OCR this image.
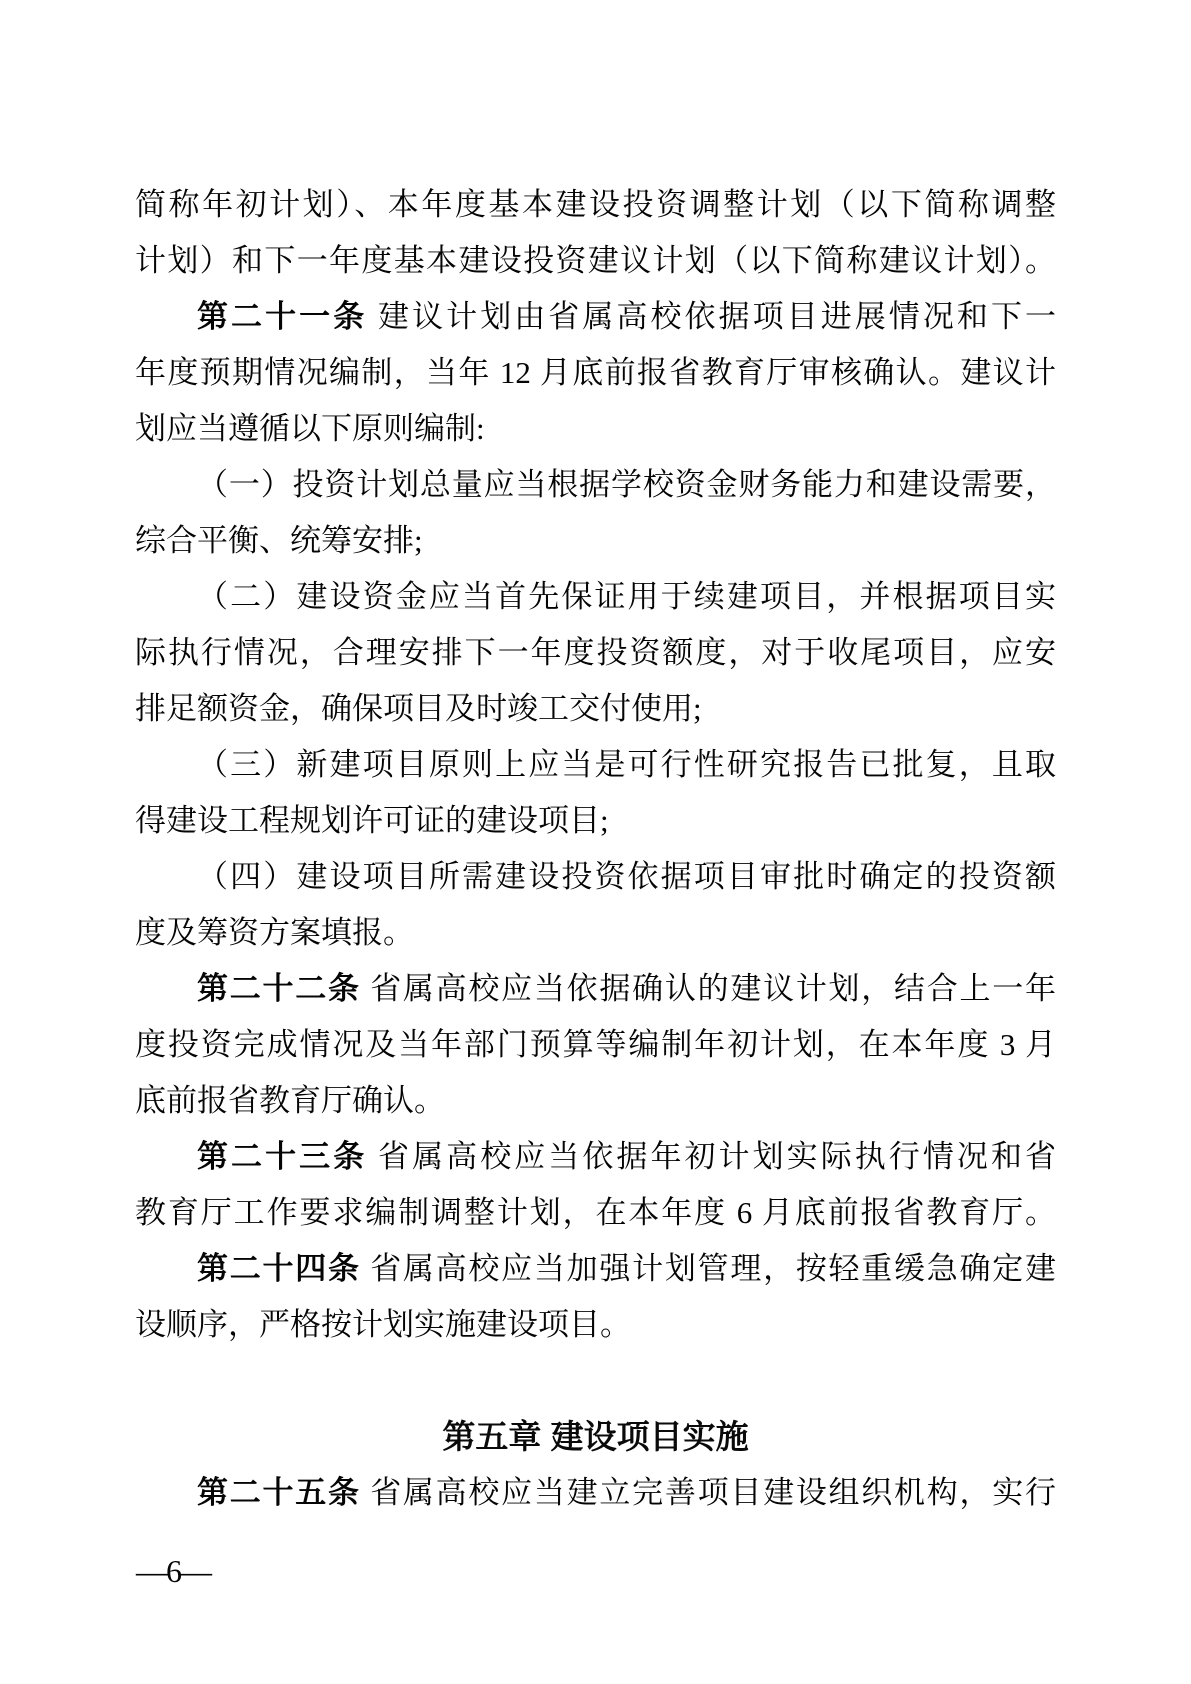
简称年初计划）、本年度基本建设投资调整计划（以下简称调整
计划）和下一年度基本建设投资建议计划（以下简称建议计划）。
第二十一条 建议计划由省属高校依据项目进展情况和下一
年度预期情况编制，当年 12 月底前报省教育厅审核确认。建议计
划应当遵循以下原则编制:
（一）投资计划总量应当根据学校资金财务能力和建设需要，
综合平衡、统筹安排;
（二）建设资金应当首先保证用于续建项目，并根据项目实
际执行情况，合理安排下一年度投资额度，对于收尾项目，应安
排足额资金，确保项目及时竣工交付使用;
（三）新建项目原则上应当是可行性研究报告已批复，且取
得建设工程规划许可证的建设项目;
（四）建设项目所需建设投资依据项目审批时确定的投资额
度及筹资方案填报。
第二十二条 省属高校应当依据确认的建议计划，结合上一年
度投资完成情况及当年部门预算等编制年初计划，在本年度 3 月
底前报省教育厅确认。
第二十三条 省属高校应当依据年初计划实际执行情况和省
教育厅工作要求编制调整计划，在本年度 6 月底前报省教育厅。
第二十四条 省属高校应当加强计划管理，按轻重缓急确定建
设顺序，严格按计划实施建设项目。
第五章 建设项目实施
第二十五条 省属高校应当建立完善项目建设组织机构，实行
—6—
